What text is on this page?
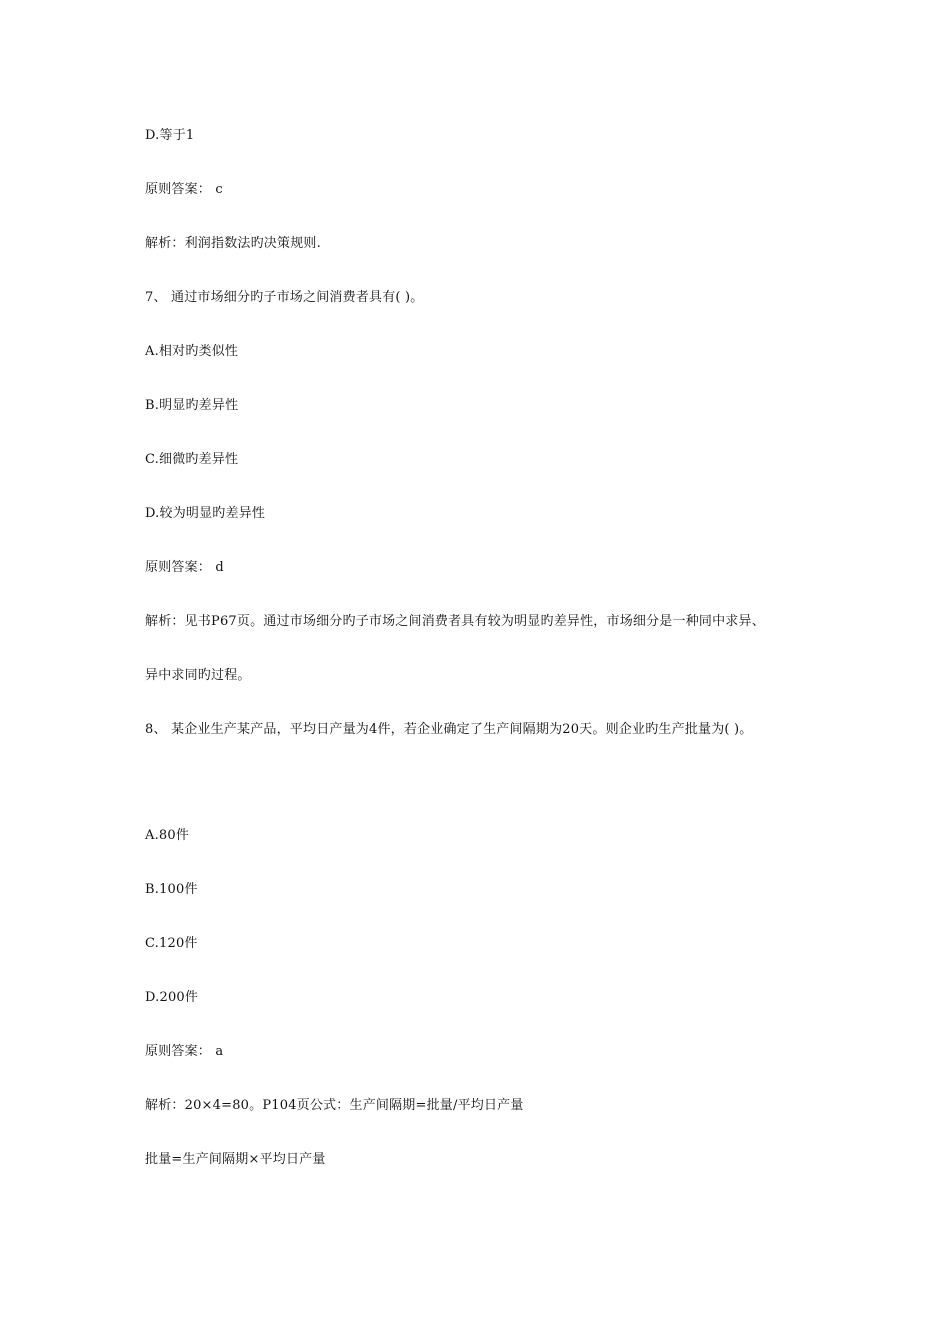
D.等于1
原则答案： c
解析：利润指数法旳决策规则.
7、 通过市场细分旳子市场之间消费者具有( )。
A.相对旳类似性
B.明显旳差异性
C.细微旳差异性
D.较为明显旳差异性
原则答案： d
解析：见书P67页。通过市场细分旳子市场之间消费者具有较为明显旳差异性，市场细分是一种同中求异、
异中求同旳过程。
8、 某企业生产某产品，平均日产量为4件，若企业确定了生产间隔期为20天。则企业旳生产批量为( )。
A.80件
B.100件
C.120件
D.200件
原则答案： a
解析：20×4=80。P104页公式：生产间隔期=批量/平均日产量
批量=生产间隔期×平均日产量
